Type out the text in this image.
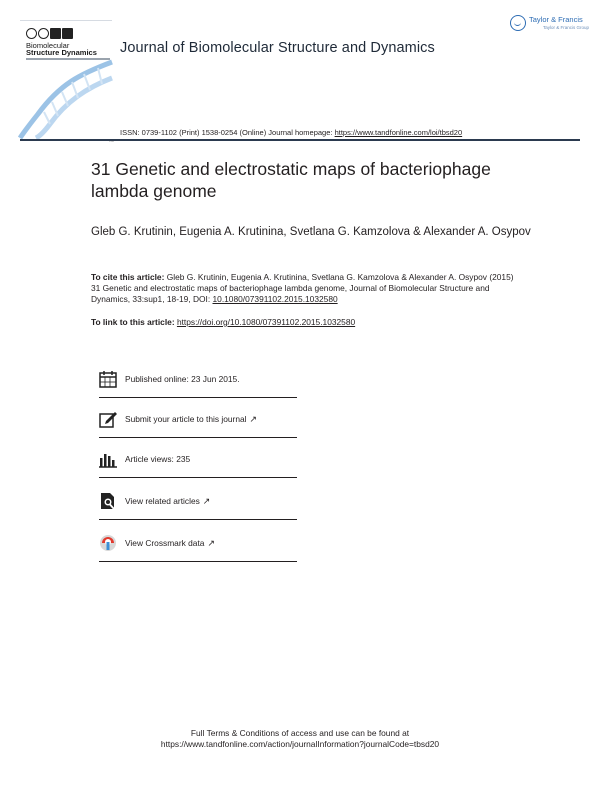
Biomolecular
Structure Dynamics Journal of Biomolecular Structure and Dynamics
Taylor & Francis
Taylor & Francis Group
ISSN: 0739-1102 (Print) 1538-0254 (Online) Journal homepage: https://www.tandfonline.com/loi/tbsd20
31 Genetic and electrostatic maps of bacteriophage lambda genome
Gleb G. Krutinin, Eugenia A. Krutinina, Svetlana G. Kamzolova & Alexander A. Osypov
To cite this article: Gleb G. Krutinin, Eugenia A. Krutinina, Svetlana G. Kamzolova & Alexander A. Osypov (2015) 31 Genetic and electrostatic maps of bacteriophage lambda genome, Journal of Biomolecular Structure and Dynamics, 33:sup1, 18-19, DOI: 10.1080/07391102.2015.1032580
To link to this article: https://doi.org/10.1080/07391102.2015.1032580
Published online: 23 Jun 2015.
Submit your article to this journal ↗
Article views: 235
View related articles ↗
View Crossmark data ↗
Full Terms & Conditions of access and use can be found at
https://www.tandfonline.com/action/journalInformation?journalCode=tbsd20
